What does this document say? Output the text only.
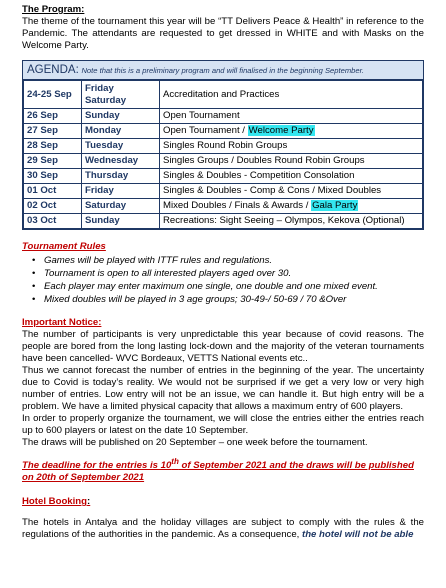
The Program:

The theme of the tournament this year will be “TT Delivers Peace & Health” in reference to the Pandemic. The attendants are requested to get dressed in WHITE and with Masks on the Welcome Party.

AGENDA: Note that this is a preliminary program and will finalised in the beginning September.
24-25 Sep	Friday Saturday	Accreditation and Practices
26 Sep	Sunday	Open Tournament
27 Sep	Monday	Open Tournament / Welcome Party
28 Sep	Tuesday	Singles Round Robin Groups
29 Sep	Wednesday	Singles Groups / Doubles Round Robin Groups
30 Sep	Thursday	Singles & Doubles - Competition Consolation
01 Oct	Friday	Singles & Doubles - Comp & Cons / Mixed Doubles
02 Oct	Saturday	Mixed Doubles / Finals & Awards / Gala Party
03 Oct	Sunday	Recreations: Sight Seeing – Olympos, Kekova (Optional)
Tournament Rules
• Games will be played with ITTF rules and regulations.
• Tournament is open to all interested players aged over 30.
• Each player may enter maximum one single, one double and one mixed event.
• Mixed doubles will be played in 3 age groups; 30-49-/ 50-69 / 70 &Over
Important Notice:

The number of participants is very unpredictable this year because of covid reasons. The people are bored from the long lasting lock-down and the majority of the veteran tournaments have been cancelled- WVC Bordeaux, VETTS National events etc..

Thus we cannot forecast the number of entries in the beginning of the year. The uncertainty due to Covid is today’s reality. We would not be surprised if we get a very low or very high number of entries. Low entry will not be an issue, we can handle it. But high entry will be a problem. We have a limited physical capacity that allows a maximum entry of 600 players.

In order to properly organize the tournament, we will close the entries either the entries reach up to 600 players or latest on the date 10 September.

The draws will be published on 20 September – one week before the tournament.

The deadline for the entries is 10th of September 2021 and the draws will be published on 20th of September 2021

Hotel Booking:

The hotels in Antalya and the holiday villages are subject to comply with the rules & the regulations of the authorities in the pandemic. As a consequence, the hotel will not be able
